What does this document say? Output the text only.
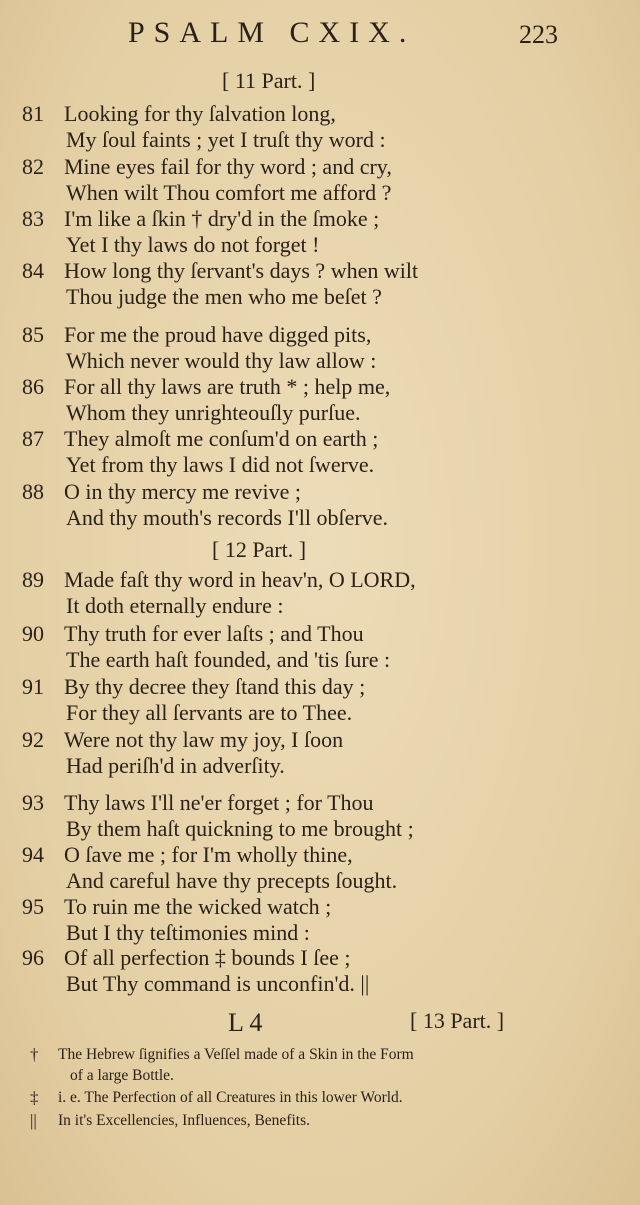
PSALM CXIX.	223
[ 11 Part. ]
[ 12 Part. ]
81 Looking for thy ſalvation long,
My ſoul faints ; yet I truſt thy word :
82 Mine eyes fail for thy word ; and cry,
When wilt Thou comfort me afford ?
83 I'm like a ſkin † dry'd in the ſmoke ;
Yet I thy laws do not forget !
84 How long thy ſervant's days ? when wilt
Thou judge the men who me beſet ?
85 For me the proud have digged pits,
Which never would thy law allow :
86 For all thy laws are truth * ; help me,
Whom they unrighteouſly purſue.
87 They almoſt me conſum'd on earth ;
Yet from thy laws I did not ſwerve.
88 O in thy mercy me revive ;
And thy mouth's records I'll obſerve.
89 Made faſt thy word in heav'n, O LORD,
It doth eternally endure :
90 Thy truth for ever laſts ; and Thou
The earth haſt founded, and 'tis ſure :
91 By thy decree they ſtand this day ;
For they all ſervants are to Thee.
92 Were not thy law my joy, I ſoon
Had periſh'd in adverſity.
93 Thy laws I'll ne'er forget ; for Thou
By them haſt quickning to me brought ;
94 O ſave me ; for I'm wholly thine,
And careful have thy precepts ſought.
95 To ruin me the wicked watch ;
But I thy teſtimonies mind :
96 Of all perfection ‡ bounds I ſee ;
But Thy command is unconfin'd. ||
L 4	[ 13 Part. ]
†	The Hebrew ſignifies a Veſſel made of a Skin in the Form
of a large Bottle.
‡	i. e. The Perfection of all Creatures in this lower World.
||	In it's Excellencies, Influences, Benefits.
